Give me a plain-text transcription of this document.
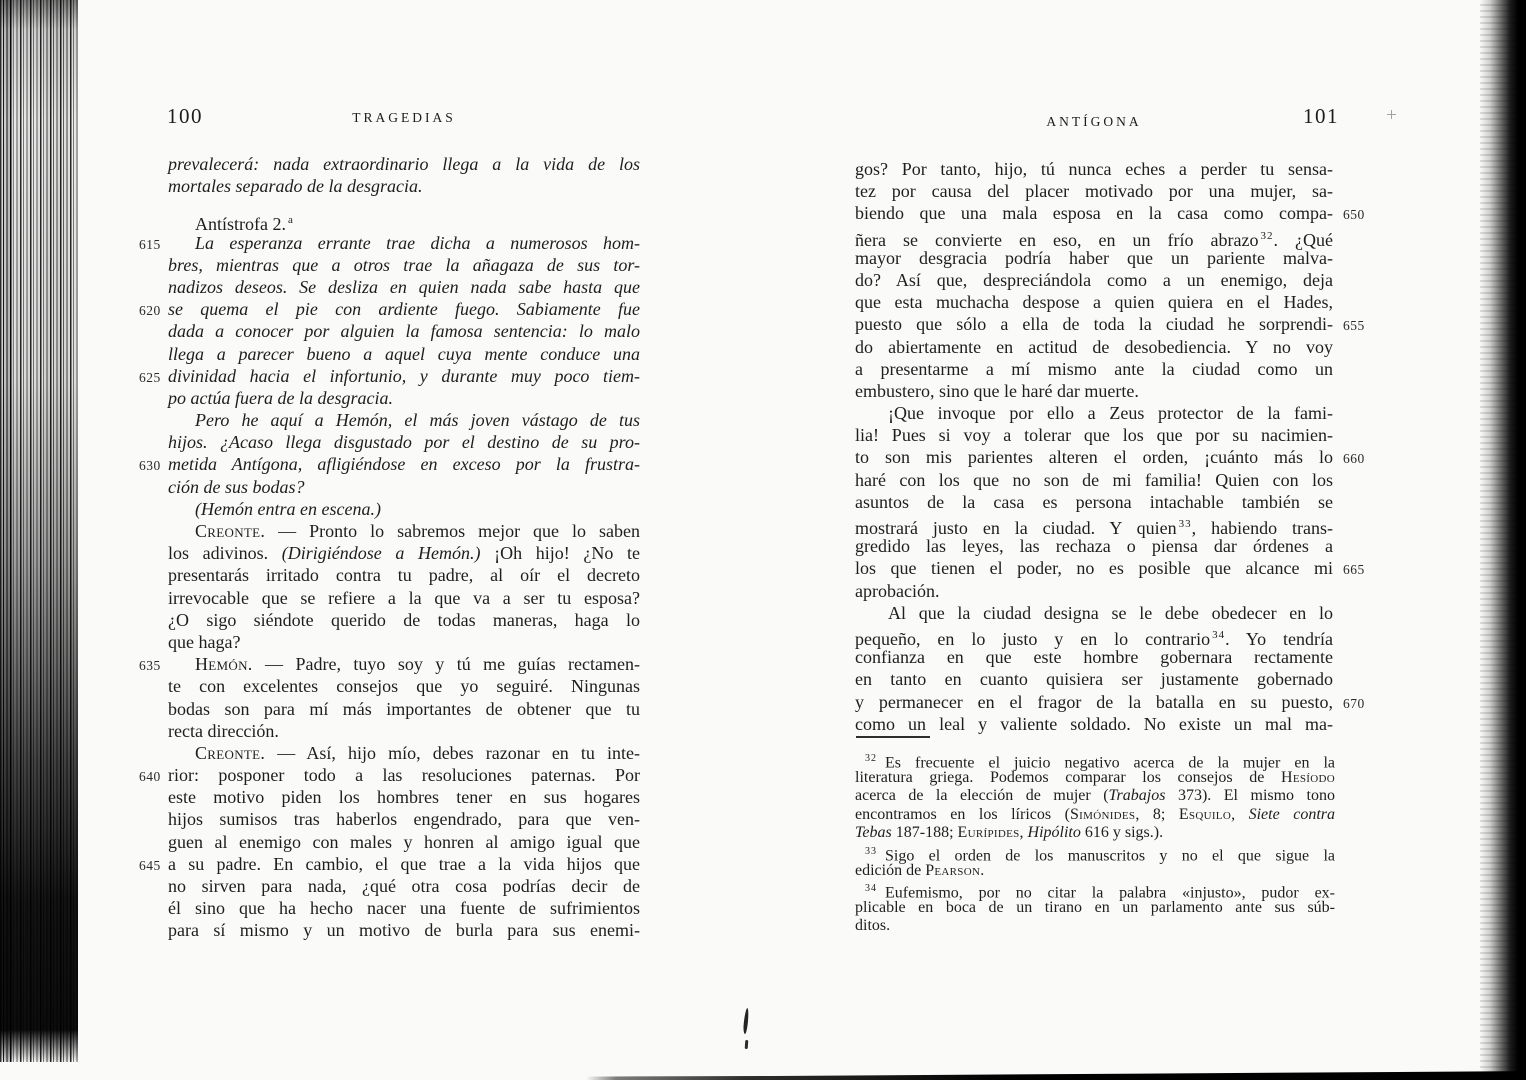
100	TRAGEDIAS
prevalecerá: nada extraordinario llega a la vida de los
mortales separado de la desgracia.
Antístrofa 2. $^a$
615 La esperanza errante trae dicha a numerosos hom-
bres, mientras que a otros trae la añagaza de sus tor-
nadizos deseos. Se desliza en quien nada sabe hasta que
620 se quema el pie con ardiente fuego. Sabiamente fue
dada a conocer por alguien la famosa sentencia: lo malo
llega a parecer bueno a aquel cuya mente conduce una
625 divinidad hacia el infortunio, y durante muy poco tiem-
po actúa fuera de la desgracia.
Pero he aquí a Hemón, el más joven vástago de tus
hijos. ¿Acaso llega disgustado por el destino de su pro-
630 metida Antígona, afligiéndose en exceso por la frustra-
ción de sus bodas?
(Hemón entra en escena.)
Creonte. — Pronto lo sabremos mejor que lo saben
los adivinos. (Dirigiéndose a Hemón.) ¡Oh hijo! ¿No te
presentarás irritado contra tu padre, al oír el decreto
irrevocable que se refiere a la que va a ser tu esposa?
¿O sigo siéndote querido de todas maneras, haga lo
que haga?
635 Hemón. — Padre, tuyo soy y tú me guías rectamen-
te con excelentes consejos que yo seguiré. Ningunas
bodas son para mí más importantes de obtener que tu
recta dirección.
Creonte. — Así, hijo mío, debes razonar en tu inte-
640 rior: posponer todo a las resoluciones paternas. Por
este motivo piden los hombres tener en sus hogares
hijos sumisos tras haberlos engendrado, para que ven-
guen al enemigo con males y honren al amigo igual que
645 a su padre. En cambio, el que trae a la vida hijos que
no sirven para nada, ¿qué otra cosa podrías decir de
él sino que ha hecho nacer una fuente de sufrimientos
para sí mismo y un motivo de burla para sus enemi-
ANTÍGONA	101
gos? Por tanto, hijo, tú nunca eches a perder tu sensa-
tez por causa del placer motivado por una mujer, sa-
650
biendo que una mala esposa en la casa como compa-
ñera se convierte en eso, en un frío abrazo $^{32}$. ¿Qué
mayor desgracia podría haber que un pariente malva-
do? Así que, despreciándola como a un enemigo, deja
que esta muchacha despose a quien quiera en el Hades,
655
puesto que sólo a ella de toda la ciudad he sorprendi-
do abiertamente en actitud de desobediencia. Y no voy
a presentarme a mí mismo ante la ciudad como un
embustero, sino que le haré dar muerte.
¡Que invoque por ello a Zeus protector de la fami-
lia! Pues si voy a tolerar que los que por su nacimien-
660
to son mis parientes alteren el orden, ¡cuánto más lo
haré con los que no son de mi familia! Quien con los
asuntos de la casa es persona intachable también se
mostrará justo en la ciudad. Y quien $^{33}$, habiendo trans-
gredido las leyes, las rechaza o piensa dar órdenes a
665
los que tienen el poder, no es posible que alcance mi
aprobación.
Al que la ciudad designa se le debe obedecer en lo
pequeño, en lo justo y en lo contrario $^{34}$. Yo tendría
confianza en que este hombre gobernara rectamente
en tanto en cuanto quisiera ser justamente gobernado
670
y permanecer en el fragor de la batalla en su puesto,
como un leal y valiente soldado. No existe un mal ma-
$^{32}$ Es frecuente el juicio negativo acerca de la mujer en la
literatura griega. Podemos comparar los consejos de Hesíodo
acerca de la elección de mujer (Trabajos 373). El mismo tono
encontramos en los líricos (Simónides, 8; Esquilo, Siete contra
Tebas 187-188; Eurípides, Hipólito 616 y sigs.).
$^{33}$ Sigo el orden de los manuscritos y no el que sigue la
edición de Pearson.
$^{34}$ Eufemismo, por no citar la palabra «injusto», pudor ex-
plicable en boca de un tirano en un parlamento ante sus súb-
ditos.
